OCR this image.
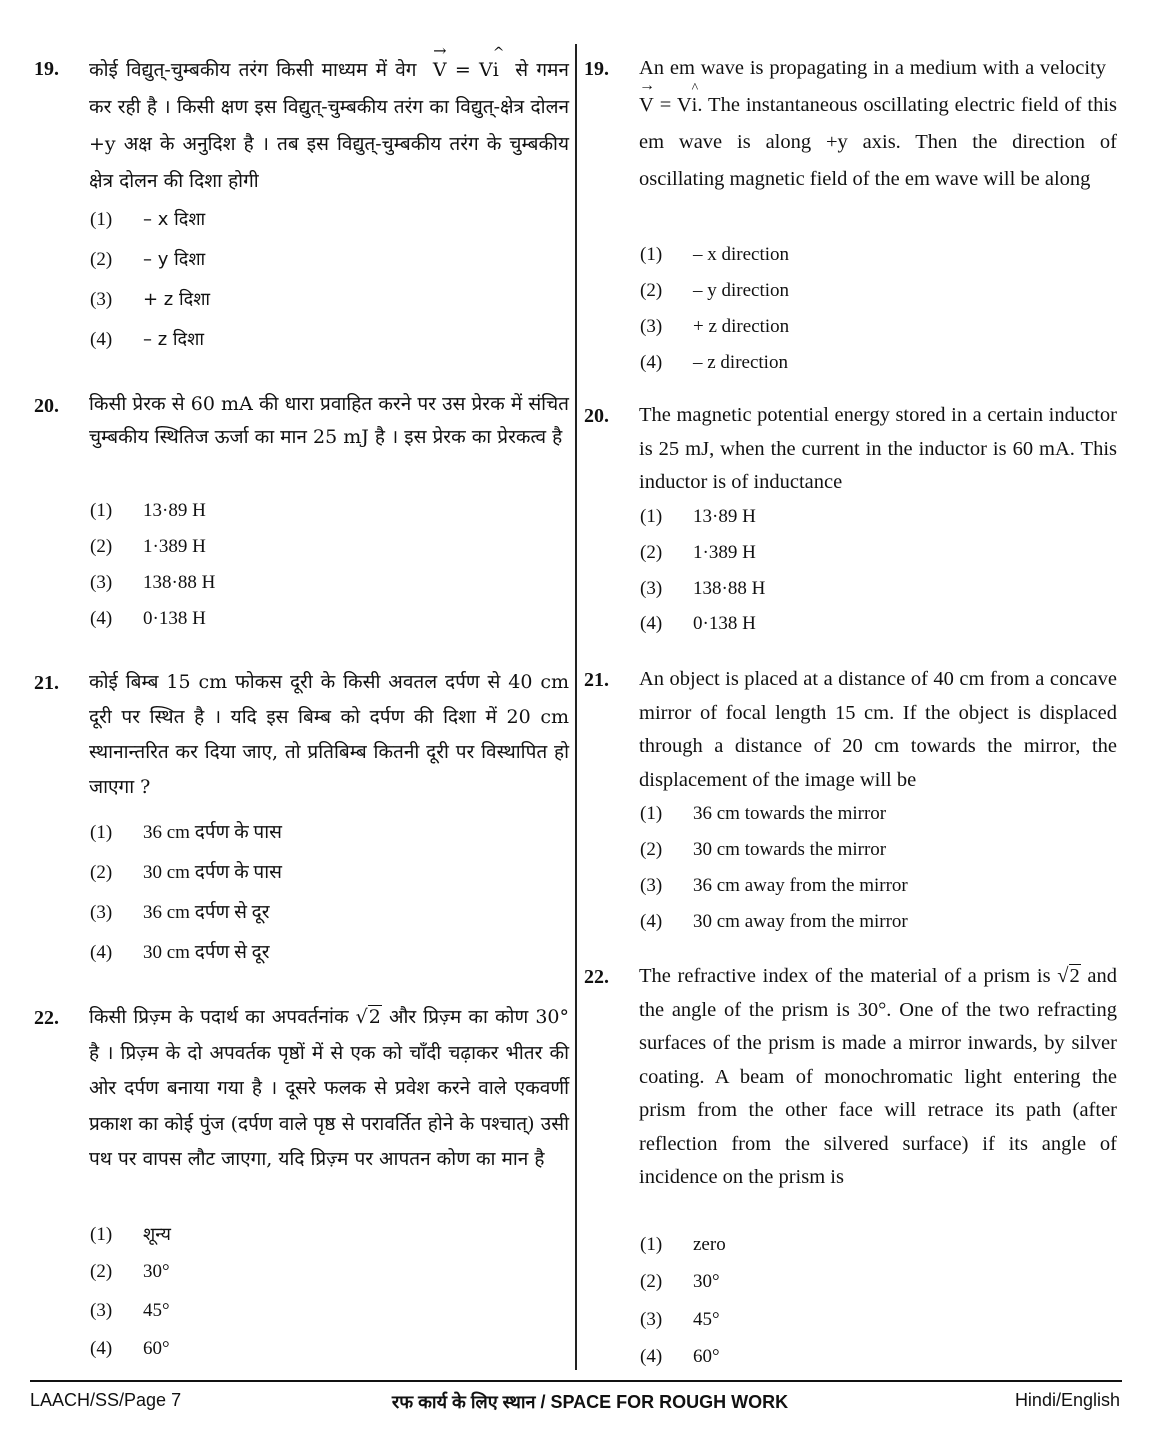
19. कोई विद्युत्-चुम्बकीय तरंग किसी माध्यम में वेग
→
V = V
^
i से गमन कर रही है । किसी क्षण इस विद्युत्-चुम्बकीय तरंग का विद्युत्-क्षेत्र दोलन +y अक्ष के अनुदिश है । तब इस विद्युत्-चुम्बकीय तरंग के चुम्बकीय क्षेत्र दोलन की दिशा होगी
(1) – x दिशा
(2) – y दिशा
(3) + z दिशा
(4) – z दिशा
20. किसी प्रेरक से 60 mA की धारा प्रवाहित करने पर उस प्रेरक में संचित चुम्बकीय स्थितिज ऊर्जा का मान 25 mJ है । इस प्रेरक का प्रेरकत्व है
(1) 13·89 H
(2) 1·389 H
(3) 138·88 H
(4) 0·138 H
21. कोई बिम्ब 15 cm फोकस दूरी के किसी अवतल दर्पण से 40 cm दूरी पर स्थित है । यदि इस बिम्ब को दर्पण की दिशा में 20 cm स्थानान्तरित कर दिया जाए, तो प्रतिबिम्ब कितनी दूरी पर विस्थापित हो जाएगा ?
(1) 36 cm दर्पण के पास
(2) 30 cm दर्पण के पास
(3) 36 cm दर्पण से दूर
(4) 30 cm दर्पण से दूर
22. किसी प्रिज़्म के पदार्थ का अपवर्तनांक √2 और प्रिज़्म का कोण 30° है । प्रिज़्म के दो अपवर्तक पृष्ठों में से एक को चाँदी चढ़ाकर भीतर की ओर दर्पण बनाया गया है । दूसरे फलक से प्रवेश करने वाले एकवर्णी प्रकाश का कोई पुंज (दर्पण वाले पृष्ठ से परावर्तित होने के पश्चात्) उसी पथ पर वापस लौट जाएगा, यदि प्रिज़्म पर आपतन कोण का मान है
(1) शून्य
(2) 30°
(3) 45°
(4) 60°
19. An em wave is propagating in a medium with a velocity
→
V = V
^
i. The instantaneous oscillating electric field of this em wave is along +y axis. Then the direction of oscillating magnetic field of the em wave will be along
(1) – x direction
(2) – y direction
(3) + z direction
(4) – z direction
20. The magnetic potential energy stored in a certain inductor is 25 mJ, when the current in the inductor is 60 mA. This inductor is of inductance
(1) 13·89 H
(2) 1·389 H
(3) 138·88 H
(4) 0·138 H
21. An object is placed at a distance of 40 cm from a concave mirror of focal length 15 cm. If the object is displaced through a distance of 20 cm towards the mirror, the displacement of the image will be
(1) 36 cm towards the mirror
(2) 30 cm towards the mirror
(3) 36 cm away from the mirror
(4) 30 cm away from the mirror
22. The refractive index of the material of a prism is √2 and the angle of the prism is 30°. One of the two refracting surfaces of the prism is made a mirror inwards, by silver coating. A beam of monochromatic light entering the prism from the other face will retrace its path (after reflection from the silvered surface) if its angle of incidence on the prism is
(1) zero
(2) 30°
(3) 45°
(4) 60°
LAACH/SS/Page 7	रफ कार्य के लिए स्थान / SPACE FOR ROUGH WORK	Hindi/English
